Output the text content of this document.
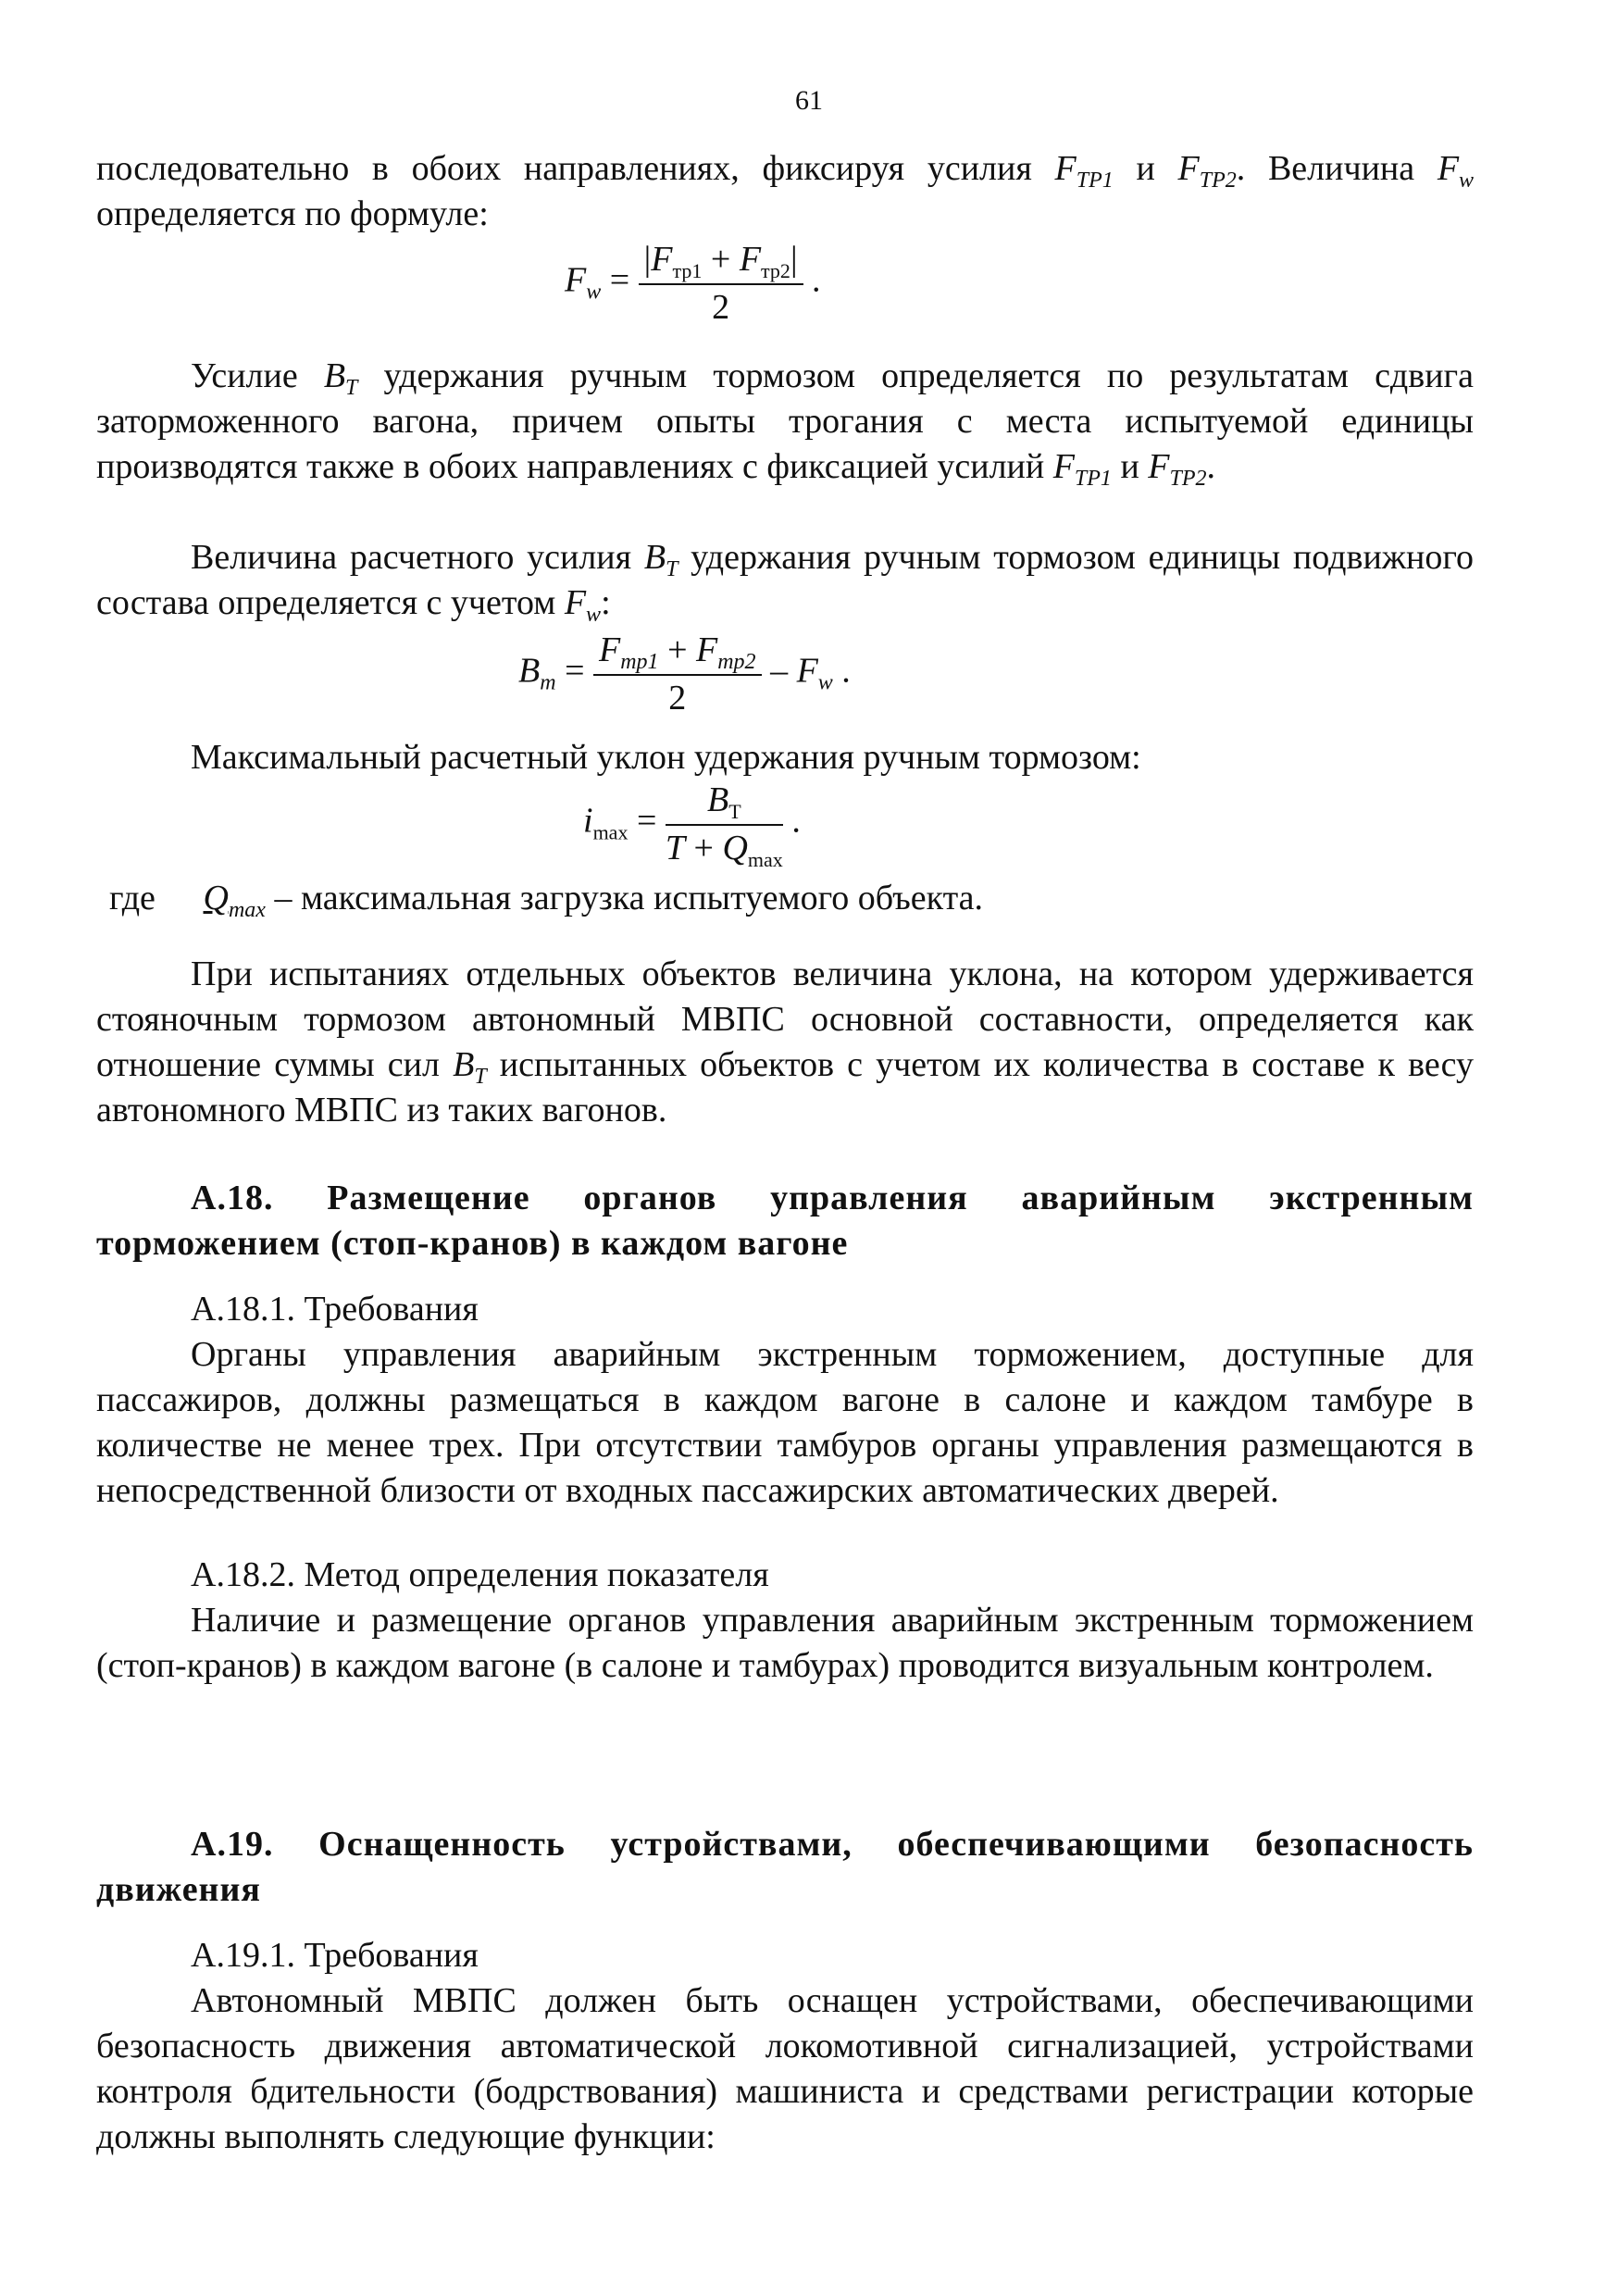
61

последовательно в обоих направлениях, фиксируя усилия $F_{ТР1}$ и $F_{ТР2}$. Величина $F_w$

определяется по формуле:

$F_w = \frac{|F_{тр1} + F_{тр2}|}{2}$ .

Усилие $B_Т$ удержания ручным тормозом определяется по результатам сдвига заторможенного вагона, причем опыты трогания с места испытуемой единицы производятся также в обоих направлениях с фиксацией усилий $F_{ТР1}$ и $F_{ТР2}$.

Величина расчетного усилия $B_Т$ удержания ручным тормозом единицы подвижного состава определяется с учетом $F_w$:

$B_т = \frac{F_{тр1} + F_{тр2}}{2} - F_w$ .

Максимальный расчетный уклон удержания ручным тормозом:

$i_{max} = \frac{B_Т}{T + Q_{max}}$ .
где $Q_{max}$ – максимальная загрузка испытуемого объекта.

При испытаниях отдельных объектов величина уклона, на котором удерживается стояночным тормозом автономный МВПС основной составности, определяется как отношение суммы сил $B_Т$ испытанных объектов с учетом их количества в составе к весу автономного МВПС из таких вагонов.

А.18. Размещение органов управления аварийным экстренным торможением (стоп-кранов) в каждом вагоне

А.18.1. Требования

Органы управления аварийным экстренным торможением, доступные для пассажиров, должны размещаться в каждом вагоне в салоне и каждом тамбуре в количестве не менее трех. При отсутствии тамбуров органы управления размещаются в непосредственной близости от входных пассажирских автоматических дверей.

А.18.2. Метод определения показателя

Наличие и размещение органов управления аварийным экстренным торможением (стоп-кранов) в каждом вагоне (в салоне и тамбурах) проводится визуальным контролем.

А.19. Оснащенность устройствами, обеспечивающими безопасность движения

А.19.1. Требования

Автономный МВПС должен быть оснащен устройствами, обеспечивающими безопасность движения автоматической локомотивной сигнализацией, устройствами контроля бдительности (бодрствования) машиниста и средствами регистрации которые должны выполнять следующие функции:
